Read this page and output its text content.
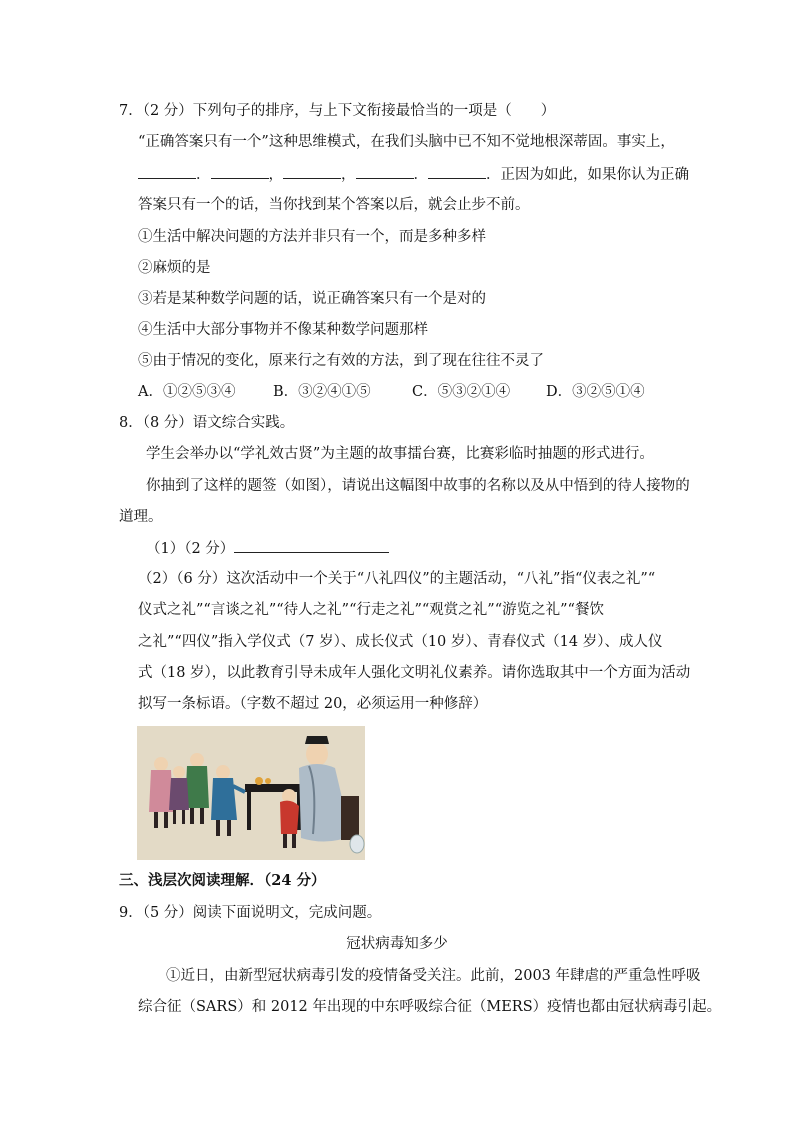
7．（2 分）下列句子的排序，与上下文衔接最恰当的一项是（　　）
“正确答案只有一个”这种思维模式，在我们头脑中已不知不觉地根深蒂固。事实上，
．	，	，	．	．正因为如此，如果你认为正确
答案只有一个的话，当你找到某个答案以后，就会止步不前。
①生活中解决问题的方法并非只有一个，而是多种多样
②麻烦的是
③若是某种数学问题的话，说正确答案只有一个是对的
④生活中大部分事物并不像某种数学问题那样
⑤由于情况的变化，原来行之有效的方法，到了现在往往不灵了
A．①②⑤③④	B．③②④①⑤	C．⑤③②①④ D．③②⑤①④
8．（8 分）语文综合实践。
学生会举办以“学礼效古贤”为主题的故事擂台赛，比赛彩临时抽题的形式进行。
你抽到了这样的题签（如图），请说出这幅图中故事的名称以及从中悟到的待人接物的
道理。
（1）（2 分）
（2）（6 分）这次活动中一个关于“八礼四仪”的主题活动，“八礼”指“仪表之礼”“
仪式之礼”“言谈之礼”“待人之礼”“行走之礼”“观赏之礼”“游览之礼”“餐饮
之礼”“四仪”指入学仪式（7 岁）、成长仪式（10 岁）、青春仪式（14 岁）、成人仪
式（18 岁），以此教育引导未成年人强化文明礼仪素养。请你选取其中一个方面为活动
拟写一条标语。（字数不超过 20，必须运用一种修辞）
三、浅层次阅读理解．（24 分）
9．（5 分）阅读下面说明文，完成问题。
冠状病毒知多少
①近日，由新型冠状病毒引发的疫情备受关注。此前，2003 年肆虐的严重急性呼吸
综合征（SARS）和 2012 年出现的中东呼吸综合征（MERS）疫情也都由冠状病毒引起。
